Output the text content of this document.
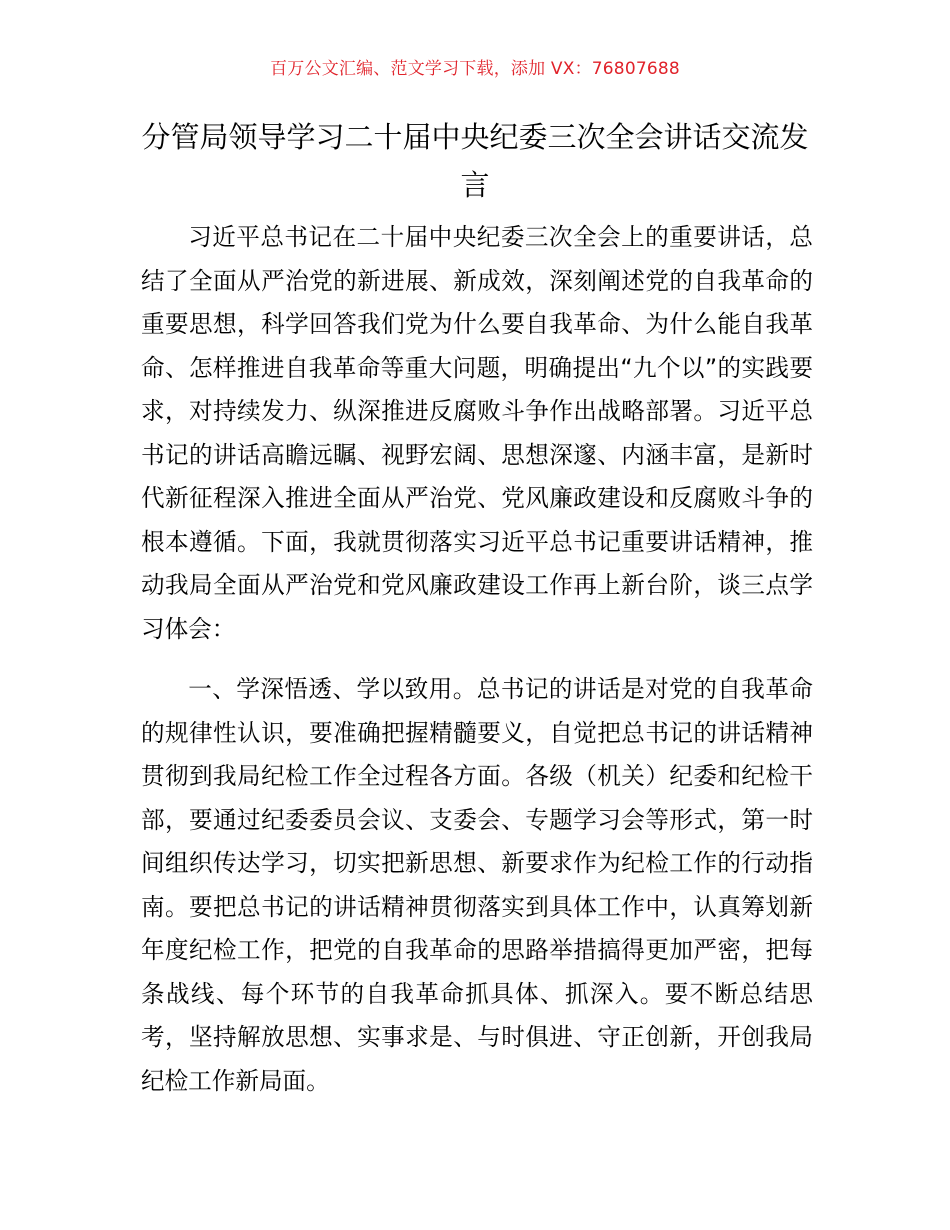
百万公文汇编、范文学习下载，添加 VX：76807688
分管局领导学习二十届中央纪委三次全会讲话交流发言

习近平总书记在二十届中央纪委三次全会上的重要讲话，总结了全面从严治党的新进展、新成效，深刻阐述党的自我革命的重要思想，科学回答我们党为什么要自我革命、为什么能自我革命、怎样推进自我革命等重大问题，明确提出“九个以”的实践要求，对持续发力、纵深推进反腐败斗争作出战略部署。习近平总书记的讲话高瞻远瞩、视野宏阔、思想深邃、内涵丰富，是新时代新征程深入推进全面从严治党、党风廉政建设和反腐败斗争的根本遵循。下面，我就贯彻落实习近平总书记重要讲话精神，推动我局全面从严治党和党风廉政建设工作再上新台阶，谈三点学习体会：

一、学深悟透、学以致用。总书记的讲话是对党的自我革命的规律性认识，要准确把握精髓要义，自觉把总书记的讲话精神贯彻到我局纪检工作全过程各方面。各级（机关）纪委和纪检干部，要通过纪委委员会议、支委会、专题学习会等形式，第一时间组织传达学习，切实把新思想、新要求作为纪检工作的行动指南。要把总书记的讲话精神贯彻落实到具体工作中，认真筹划新年度纪检工作，把党的自我革命的思路举措搞得更加严密，把每条战线、每个环节的自我革命抓具体、抓深入。要不断总结思考，坚持解放思想、实事求是、与时俱进、守正创新，开创我局纪检工作新局面。
